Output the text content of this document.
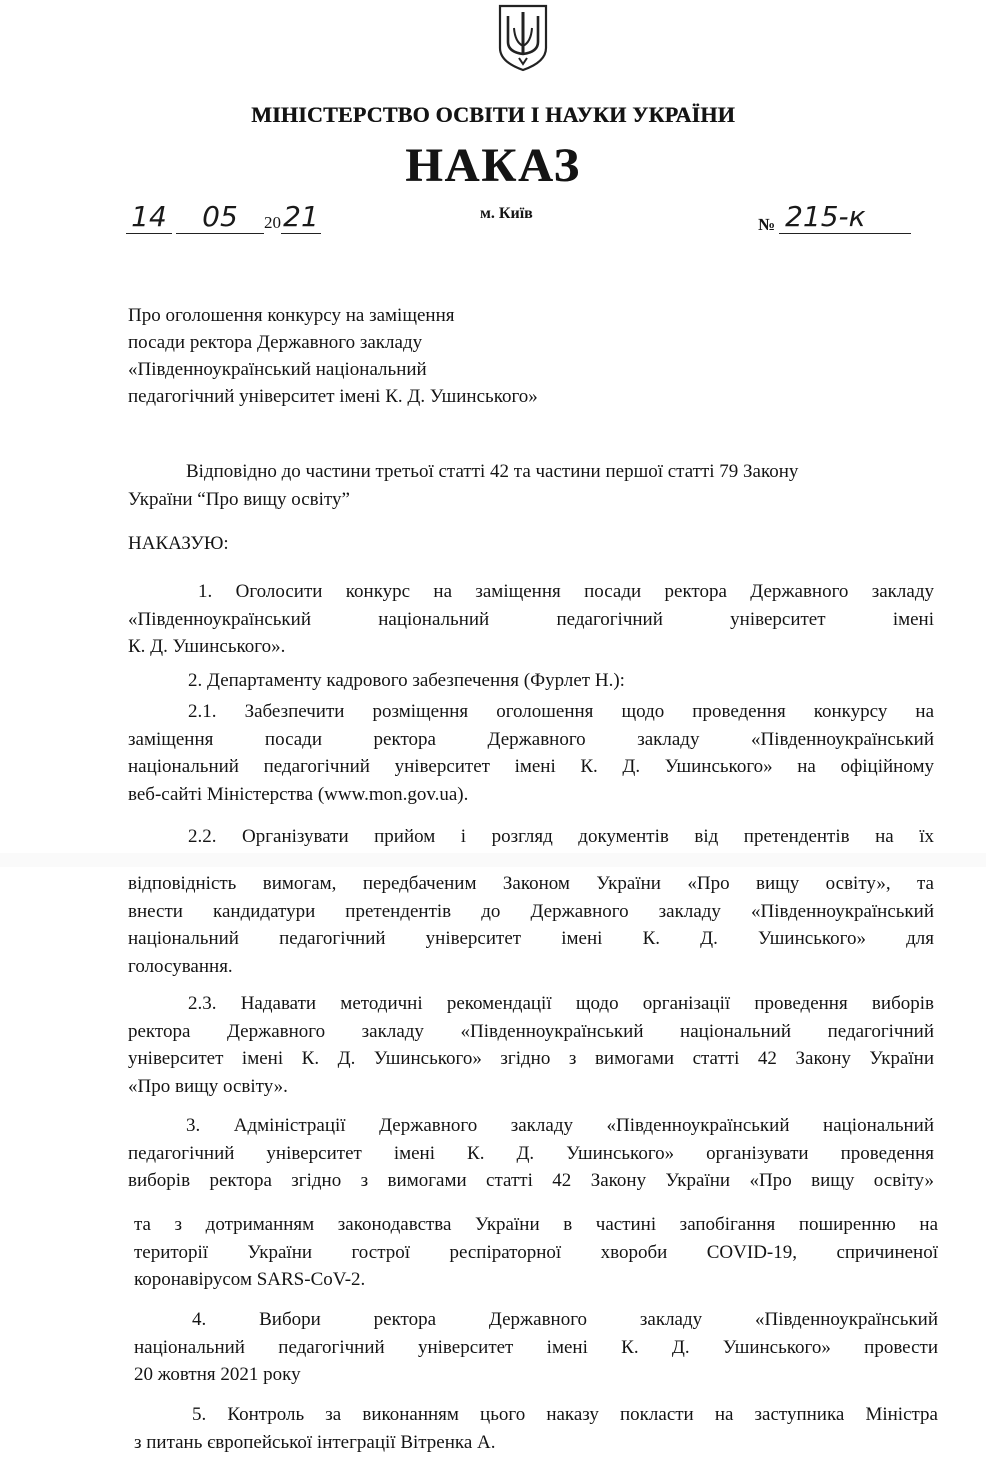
МІНІСТЕРСТВО ОСВІТИ І НАУКИ УКРАЇНИ
НАКАЗ
14 05 2021	м. Київ
№ 215-к
Про оголошення конкурсу на заміщення
посади ректора Державного закладу
«Південноукраїнський національний
педагогічний університет імені К. Д. Ушинського»
Відповідно до частини третьої статті 42 та частини першої статті 79 Закону
України “Про вищу освіту”
НАКАЗУЮ:
1. Оголосити конкурс на заміщення посади ректора Державного закладу
«Південноукраїнський національний педагогічний університет імені
К. Д. Ушинського».
2. Департаменту кадрового забезпечення (Фурлет Н.):
2.1. Забезпечити розміщення оголошення щодо проведення конкурсу на
заміщення посади ректора Державного закладу «Південноукраїнський
національний педагогічний університет імені К. Д. Ушинського» на офіційному
веб-сайті Міністерства (www.mon.gov.ua).
2.2. Організувати прийом і розгляд документів від претендентів на їх
відповідність вимогам, передбаченим Законом України «Про вищу освіту», та
внести кандидатури претендентів до Державного закладу «Південноукраїнський
національний педагогічний університет імені К. Д. Ушинського» для
голосування.
2.3. Надавати методичні рекомендації щодо організації проведення виборів
ректора Державного закладу «Південноукраїнський національний педагогічний
університет імені К. Д. Ушинського» згідно з вимогами статті 42 Закону України
«Про вищу освіту».
3. Адміністрації Державного закладу «Південноукраїнський національний
педагогічний університет імені К. Д. Ушинського» організувати проведення
виборів ректора згідно з вимогами статті 42 Закону України «Про вищу освіту»
та з дотриманням законодавства України в частині запобігання поширенню на
території України гострої респіраторної хвороби COVID-19, спричиненої
коронавірусом SARS-CoV-2.
4. Вибори ректора Державного закладу «Південноукраїнський
національний педагогічний університет імені К. Д. Ушинського» провести
20 жовтня 2021 року
5. Контроль за виконанням цього наказу покласти на заступника Міністра
з питань європейської інтеграції Вітренка А.
